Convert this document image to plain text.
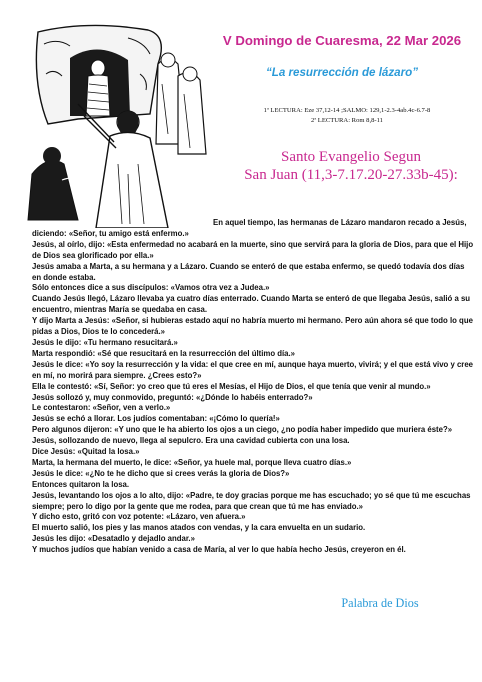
V Domingo de Cuaresma, 22 Mar 2026
“La resurrección de lázaro”
1ª LECTURA: Eze 37,12-14 ;SALMO: 129,1-2.3-4ab.4c-6.7-8
2ª LECTURA: Rom 8,8-11
Santo Evangelio Segun
San Juan (11,3-7.17.20-27.33b-45):

En aquel tiempo, las hermanas de Lázaro mandaron recado a Jesús, diciendo: «Señor, tu amigo está enfermo.»

Jesús, al oírlo, dijo: «Esta enfermedad no acabará en la muerte, sino que servirá para la gloria de Dios, para que el Hijo de Dios sea glorificado por ella.»

Jesús amaba a Marta, a su hermana y a Lázaro. Cuando se enteró de que estaba enfermo, se quedó todavía dos días en donde estaba.

Sólo entonces dice a sus discípulos: «Vamos otra vez a Judea.»

Cuando Jesús llegó, Lázaro llevaba ya cuatro días enterrado. Cuando Marta se enteró de que llegaba Jesús, salió a su encuentro, mientras María se quedaba en casa.

Y dijo Marta a Jesús: «Señor, si hubieras estado aquí no habría muerto mi hermano. Pero aún ahora sé que todo lo que pidas a Dios, Dios te lo concederá.»

Jesús le dijo: «Tu hermano resucitará.»

Marta respondió: «Sé que resucitará en la resurrección del último día.»

Jesús le dice: «Yo soy la resurrección y la vida: el que cree en mí, aunque haya muerto, vivirá; y el que está vivo y cree en mí, no morirá para siempre. ¿Crees esto?»

Ella le contestó: «Sí, Señor: yo creo que tú eres el Mesías, el Hijo de Dios, el que tenía que venir al mundo.»

Jesús sollozó y, muy conmovido, preguntó: «¿Dónde lo habéis enterrado?»

Le contestaron: «Señor, ven a verlo.»

Jesús se echó a llorar. Los judíos comentaban: «¡Cómo lo quería!»

Pero algunos dijeron: «Y uno que le ha abierto los ojos a un ciego, ¿no podía haber impedido que muriera éste?»

Jesús, sollozando de nuevo, llega al sepulcro. Era una cavidad cubierta con una losa.

Dice Jesús: «Quitad la losa.»

Marta, la hermana del muerto, le dice: «Señor, ya huele mal, porque lleva cuatro días.»

Jesús le dice: «¿No te he dicho que si crees verás la gloria de Dios?»

Entonces quitaron la losa.

Jesús, levantando los ojos a lo alto, dijo: «Padre, te doy gracias porque me has escuchado; yo sé que tú me escuchas siempre; pero lo digo por la gente que me rodea, para que crean que tú me has enviado.»

Y dicho esto, gritó con voz potente: «Lázaro, ven afuera.»

El muerto salió, los pies y las manos atados con vendas, y la cara envuelta en un sudario.

Jesús les dijo: «Desatadlo y dejadlo andar.»

Y muchos judíos que habían venido a casa de María, al ver lo que había hecho Jesús, creyeron en él.

Palabra de Dios
